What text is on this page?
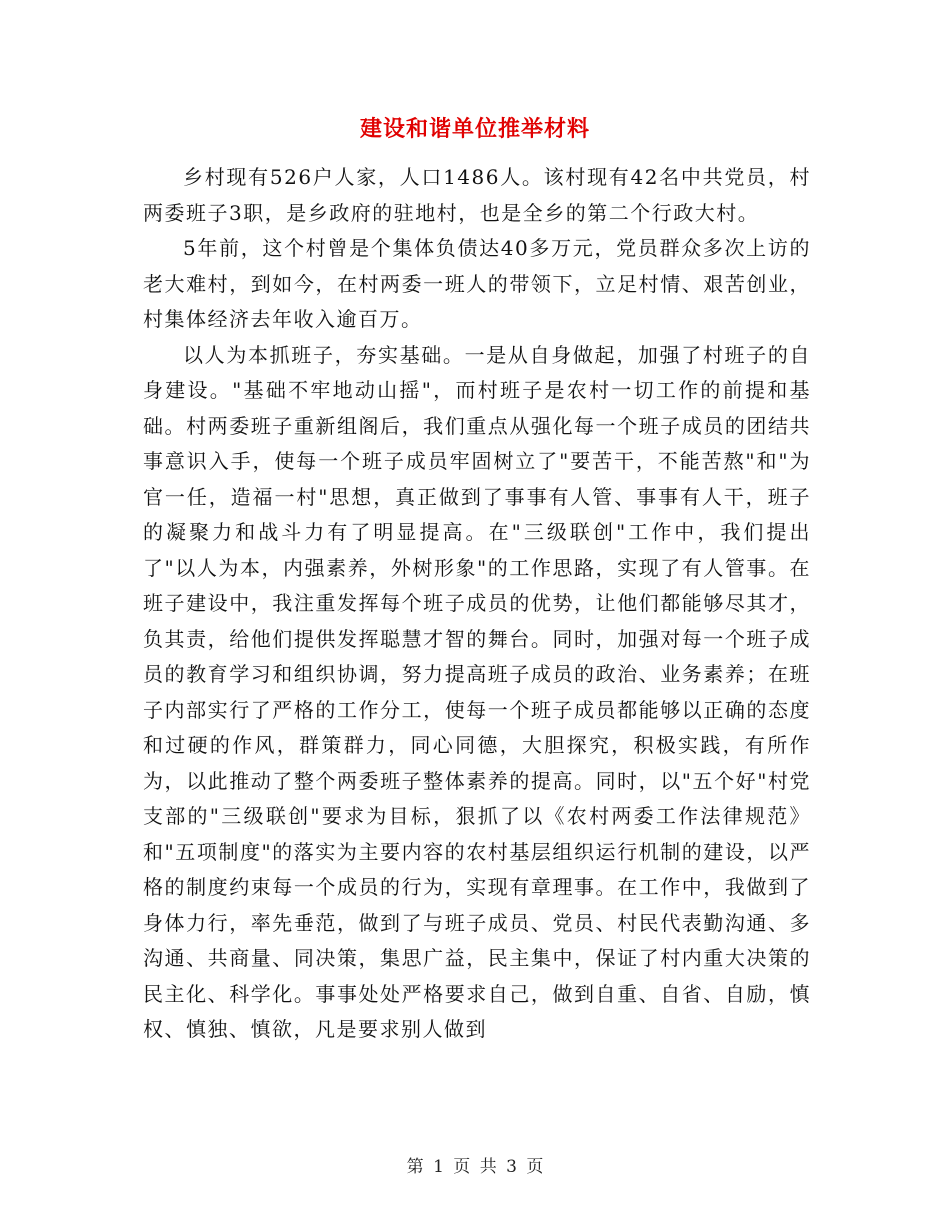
建设和谐单位推举材料

乡村现有526户人家，人口1486人。该村现有42名中共党员，村两委班子3职，是乡政府的驻地村，也是全乡的第二个行政大村。

5年前，这个村曾是个集体负债达40多万元，党员群众多次上访的老大难村，到如今，在村两委一班人的带领下，立足村情、艰苦创业，村集体经济去年收入逾百万。

以人为本抓班子，夯实基础。一是从自身做起，加强了村班子的自身建设。"基础不牢地动山摇"，而村班子是农村一切工作的前提和基础。村两委班子重新组阁后，我们重点从强化每一个班子成员的团结共事意识入手，使每一个班子成员牢固树立了"要苦干，不能苦熬"和"为官一任，造福一村"思想，真正做到了事事有人管、事事有人干，班子的凝聚力和战斗力有了明显提高。在"三级联创"工作中，我们提出了"以人为本，内强素养，外树形象"的工作思路，实现了有人管事。在班子建设中，我注重发挥每个班子成员的优势，让他们都能够尽其才，负其责，给他们提供发挥聪慧才智的舞台。同时，加强对每一个班子成员的教育学习和组织协调，努力提高班子成员的政治、业务素养；在班子内部实行了严格的工作分工，使每一个班子成员都能够以正确的态度和过硬的作风，群策群力，同心同德，大胆探究，积极实践，有所作为，以此推动了整个两委班子整体素养的提高。同时，以"五个好"村党支部的"三级联创"要求为目标，狠抓了以《农村两委工作法律规范》和"五项制度"的落实为主要内容的农村基层组织运行机制的建设，以严格的制度约束每一个成员的行为，实现有章理事。在工作中，我做到了身体力行，率先垂范，做到了与班子成员、党员、村民代表勤沟通、多沟通、共商量、同决策，集思广益，民主集中，保证了村内重大决策的民主化、科学化。事事处处严格要求自己，做到自重、自省、自励，慎权、慎独、慎欲，凡是要求别人做到

第 1 页 共 3 页
